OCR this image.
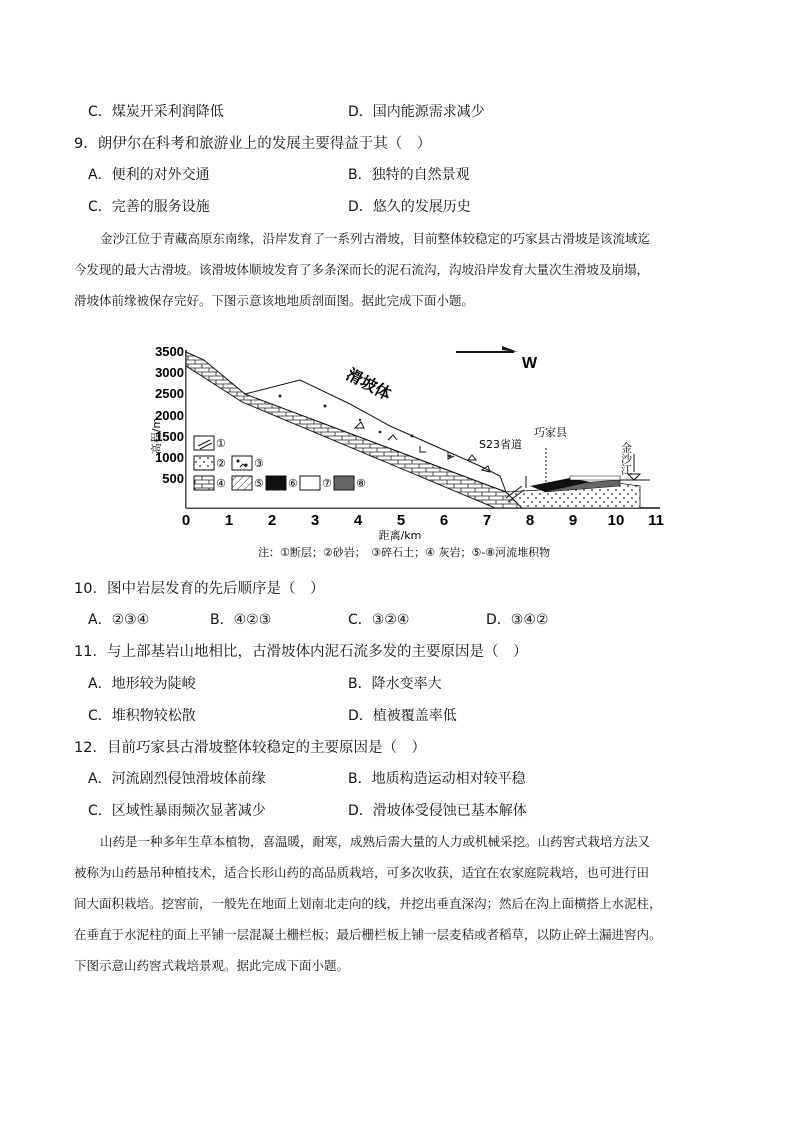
C．煤炭开采利润降低	D．国内能源需求减少
9．朗伊尔在科考和旅游业上的发展主要得益于其（　）
A．便利的对外交通	B．独特的自然景观
C．完善的服务设施	D．悠久的发展历史

金沙江位于青藏高原东南缘，沿岸发育了一系列古滑坡，目前整体较稳定的巧家县古滑坡是该流域迄

今发现的最大古滑坡。该滑坡体顺坡发育了多条深而长的泥石流沟，沟坡沿岸发育大量次生滑坡及崩塌，

滑坡体前缘被保存完好。下图示意该地地质剖面图。据此完成下面小题。

3500
3000
2500
2000
1500
1000
500
高程/m
0 1 2 3 4 5 6 7 8 9 10 11
距离/km
滑坡体
S23省道
巧家县
金沙江
W
①
②	③
④	⑤ ⑥ ⑦ ⑧
注：①断层；②砂岩；　③碎石土；④ 灰岩；⑤-⑧河流堆积物
10．图中岩层发育的先后顺序是（　）
A．②③④	B．④②③	C．③②④	D．③④②
11．与上部基岩山地相比，古滑坡体内泥石流多发的主要原因是（　）
A．地形较为陡峻	B．降水变率大
C．堆积物较松散	D．植被覆盖率低
12．目前巧家县古滑坡整体较稳定的主要原因是（　）
A．河流剧烈侵蚀滑坡体前缘	B．地质构造运动相对较平稳
C．区域性暴雨频次显著减少	D．滑坡体受侵蚀已基本解体

山药是一种多年生草本植物，喜温暖，耐寒，成熟后需大量的人力或机械采挖。山药窖式栽培方法又

被称为山药悬吊种植技术，适合长形山药的高品质栽培，可多次收获，适宜在农家庭院栽培，也可进行田

间大面积栽培。挖窖前，一般先在地面上划南北走向的线，并挖出垂直深沟；然后在沟上面横搭上水泥柱，

在垂直于水泥柱的面上平铺一层混凝土栅栏板；最后栅栏板上铺一层麦秸或者稻草，以防止碎土漏进窖内。

下图示意山药窖式栽培景观。据此完成下面小题。
